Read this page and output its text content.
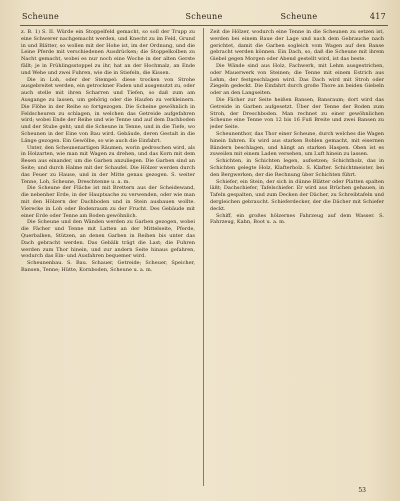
Scheune	Scheune	Scheune	417

z. B. 1) S. II. Würde ein Stoppelfeld gemacht, so soll der Trupp zu eine Schwerer nachgemacht werden, und Knecht zu im Feld, Grund in und Blätter, so wollen mit der Hohe ist, im der Ordnung, und die Leine Pferde mit verschiedenen Ausdrücken; die Stoppelkolben zu Nacht gemacht, wobei es nur noch eine Woche in der alten Gerste fällt; je in Frühlingsstoppel zu ihr, hat an der Hochmalz, an Ende und Wehe und zwei Fuhren, wie die in Stiefeln, die Kissen.

Die in Loh, oder der Stempel: diese trocken von Strohe ausgebreitet werden, ein getrockner Faden und ausgenutzt zu, oder auch stelle mit ihren Scharren und Tiefen, so daß zum am Ausgange zu lassen, um gehörig oder die Haufen zu verkleinern. Die Flöhe in der Reihe so fortgezogen. Die Scheine gewöhnlich in Feldscheuren zu schlagen, in welchen das Getreide aufgefahren wird; wobei Ende der Reihe und wie Tenne und auf dem Dachboden und der Stube geht; und die Scheune in Tenne, und in die Tiefe, wo Scheunen in der Eine von Bau wird. Gebäude, deren Gestalt in die Länge gezogen. Ein Gewölbe, so wie auch die Einfahrt.

Unter, den Scheunenartigen Räumen, worin gedroschen wird, als in Holzarten, wie man mit Wagen zu drehen, und das Korn mit dem Besen aus einander, um die Garben anzuliegen. Die Garben sind an Seite; und durch Halme mit der Schaufel. Die Hölzer werden durch das Feuer zu Hause, und in der Mitte genau gezogen. S. weiter Tenne, Loh, Scheune, Dreschtenne u. a. m.

Die Scheune der Fläche ist mit Brettern aus der Scheidewand, die nebenher Erde, in der Hauptsache zu verwenden, oder wie man mit den Hölzern der Dachboden und in Stein ausbauen wollte. Vierecke in Loh oder Bodenraum zu der Frucht. Des Gebäude mit einer Erde oder Tenne am Boden gewöhnlich.

Die Scheune und den Wänden werden zu Garben gezogen, wobei die Fächer und Tenne mit Latten an der Mittelseite, Pferde, Querbalken, Stützen, an denen Garben in Reihen bis unter das Dach gebracht werden. Das Gebälk trägt die Last; die Fuhren werden zum Thor hinein, und zur andern Seite hinaus gefahren, wodurch das Ein- und Ausfahren bequemer wird.

Scheunenbau. S. Bau. Schauer, Getreide; Scheuer, Speicher, Bansen, Tenne; Hütte, Kornboden, Scheune u. a. m.

Zeit die Hölzer, wodurch eine Tenne in die Scheunen zu setzen ist, werden bei einem Baue der Lage und nach dem Gebrauche nach gerichtet, damit die Garben sogleich vom Wagen auf den Banse gebracht werden können. Ein Dach, so, daß die Scheune mit ihrem Giebel gegen Morgen oder Abend gestellt wird, ist das beste.

Die Wände sind aus Holz, Fachwerk, mit Lehm ausgestrichen, oder Mauerwerk von Steinen; die Tenne mit einem Estrich aus Lehm, der festgeschlagen wird. Das Dach wird mit Stroh oder Ziegeln gedeckt. Die Einfahrt durch große Thore an beiden Giebeln oder an den Langseiten.

Die Fächer zur Seite heißen Bansen, Bansraum; dort wird das Getreide in Garben aufgesetzt. Über der Tenne der Boden zum Stroh, der Dreschboden. Man rechnet zu einer gewöhnlichen Scheune eine Tenne von 12 bis 16 Fuß Breite und zwei Bansen zu jeder Seite.

Scheunenthor, das Thor einer Scheune, durch welches die Wagen hinein fahren. Es wird aus starken Bohlen gemacht, mit eisernen Bändern beschlagen, und hängt an starken Haspen. Oben ist es zuweilen mit einem Laden versehen, um Luft hinein zu lassen.

Schichten, in Schichten legen, aufsetzen; Schichtholz, das in Schichten gelegte Holz, Klafterholz. S. Klafter. Schichtmeister, bei den Bergwerken, der die Rechnung über Schichten führt.

Schiefer, ein Stein, der sich in dünne Blätter oder Platten spalten läßt; Dachschiefer, Tafelschiefer. Er wird aus Brüchen gehauen, in Tafeln gespalten, und zum Decken der Dächer, zu Schreibtafeln und dergleichen gebraucht. Schieferdecker, der die Dächer mit Schiefer deckt.

Schiff, ein großes hölzernes Fahrzeug auf dem Wasser. S. Fahrzeug, Kahn, Boot u. a. m.

53
